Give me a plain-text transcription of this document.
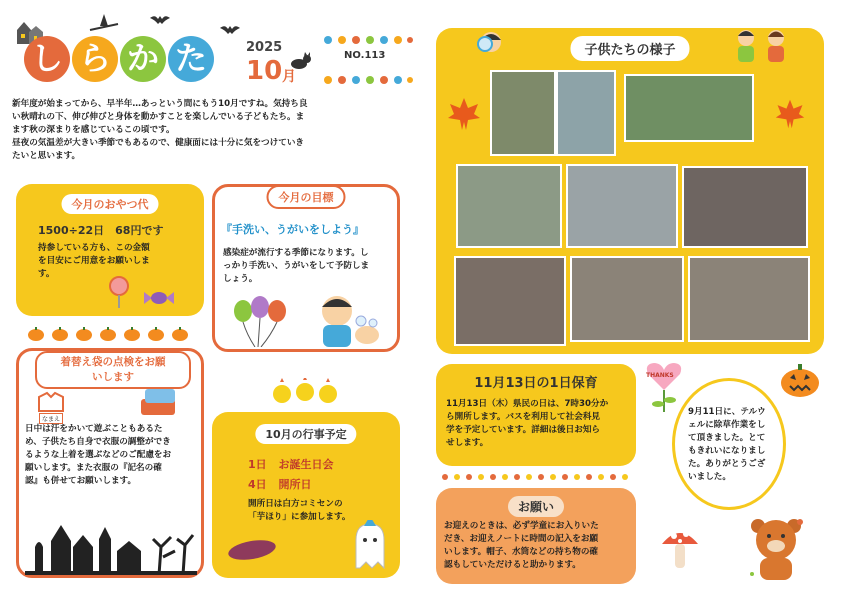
し ら か た	2025
10 月
NO.113
新年度が始まってから、早半年…あっという間にもう10月ですね。気持ち良
い秋晴れの下、伸び伸びと身体を動かすことを楽しんでいる子どもたち。ま
ます秋の深まりを感じているこの頃です。
昼夜の気温差が大きい季節でもあるので、健康面には十分に気をつけていき
たいと思います。
今月のおやつ代
1500÷22日　68円です
持参している方も、この金額
を目安にご用意をお願いしま
す。
今月の目標
『手洗い、うがいをしよう』
感染症が流行する季節になります。し
っかり手洗い、うがいをして予防しま
しょう。
着替え袋の点検をお願
いします
なまえ
日中は汗をかいて遊ぶこともあるた
め、子供たち自身で衣服の調整ができ
るような上着を選ぶなどのご配慮をお
願いします。また衣服の『記名の確
認』も併せてお願いします。
10月の行事予定
1日 お誕生日会
4日 開所日
開所日は白方コミセンの
「芋ほり」に参加します。
子供たちの様子
11月13日の1日保育
11月13日（木）県民の日は、7時30分か
ら開所します。バスを利用して社会科見
学を予定しています。詳細は後日お知ら
せします。
お願い
お迎えのときは、必ず学童にお入りいた
だき、お迎えノートに時間の記入をお願
いします。帽子、水筒などの持ち物の確
認もしていただけると助かります。
THANKS
9月11日に、テルウ
ェルに除草作業をし
て頂きました。とて
もきれいになりまし
た。ありがとうござ
いました。
